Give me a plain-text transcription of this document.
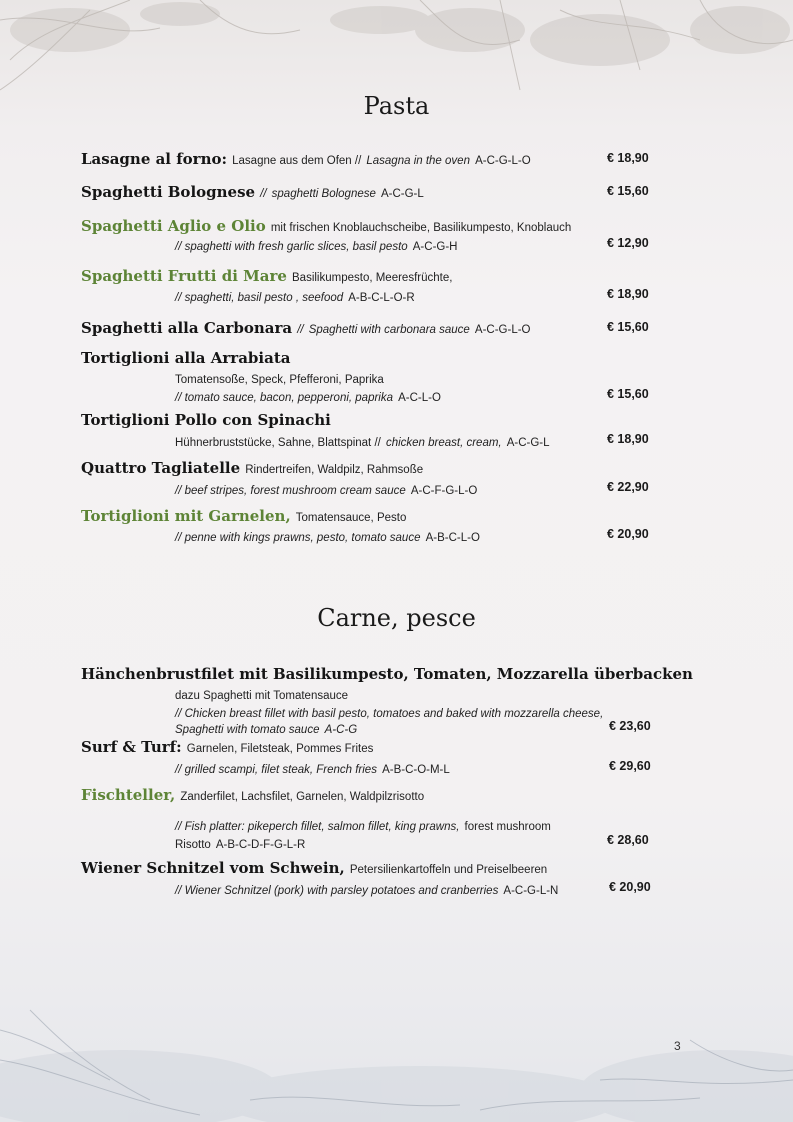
Pasta
Lasagne al forno: Lasagne aus dem Ofen // Lasagna in the oven A-C-G-L-O	€ 18,90
Spaghetti Bolognese // spaghetti Bolognese A-C-G-L	€ 15,60
Spaghetti Aglio e Olio mit frischen Knoblauchscheibe, Basilikumpesto, Knoblauch
// spaghetti with fresh garlic slices, basil pesto A-C-G-H	€ 12,90
Spaghetti Frutti di Mare Basilikumpesto, Meeresfrüchte,
// spaghetti, basil pesto , seefood A-B-C-L-O-R	€ 18,90
Spaghetti alla Carbonara // Spaghetti with carbonara sauce A-C-G-L-O	€ 15,60
Tortiglioni alla Arrabiata
Tomatensoße, Speck, Pfefferoni, Paprika
// tomato sauce, bacon, pepperoni, paprika A-C-L-O	€ 15,60
Tortiglioni Pollo con Spinachi
Hühnerbruststücke, Sahne, Blattspinat // chicken breast, cream, A-C-G-L	€ 18,90
Quattro Tagliatelle Rindertreifen, Waldpilz, Rahmsoße
// beef stripes, forest mushroom cream sauce A-C-F-G-L-O	€ 22,90
Tortiglioni mit Garnelen, Tomatensauce, Pesto
// penne with kings prawns, pesto, tomato sauce A-B-C-L-O	€ 20,90
Carne, pesce
Hänchenbrustfilet mit Basilikumpesto, Tomaten, Mozzarella überbacken
dazu Spaghetti mit Tomatensauce
// Chicken breast fillet with basil pesto, tomatoes and baked with mozzarella cheese,
Spaghetti with tomato sauce A-C-G	€ 23,60
Surf & Turf: Garnelen, Filetsteak, Pommes Frites
// grilled scampi, filet steak, French fries A-B-C-O-M-L	€ 29,60
Fischteller, Zanderfilet, Lachsfilet, Garnelen, Waldpilzrisotto
// Fish platter: pikeperch fillet, salmon fillet, king prawns, forest mushroom
Risotto A-B-C-D-F-G-L-R	€ 28,60
Wiener Schnitzel vom Schwein, Petersilienkartoffeln und Preiselbeeren
// Wiener Schnitzel (pork) with parsley potatoes and cranberries A-C-G-L-N	€ 20,90
3
